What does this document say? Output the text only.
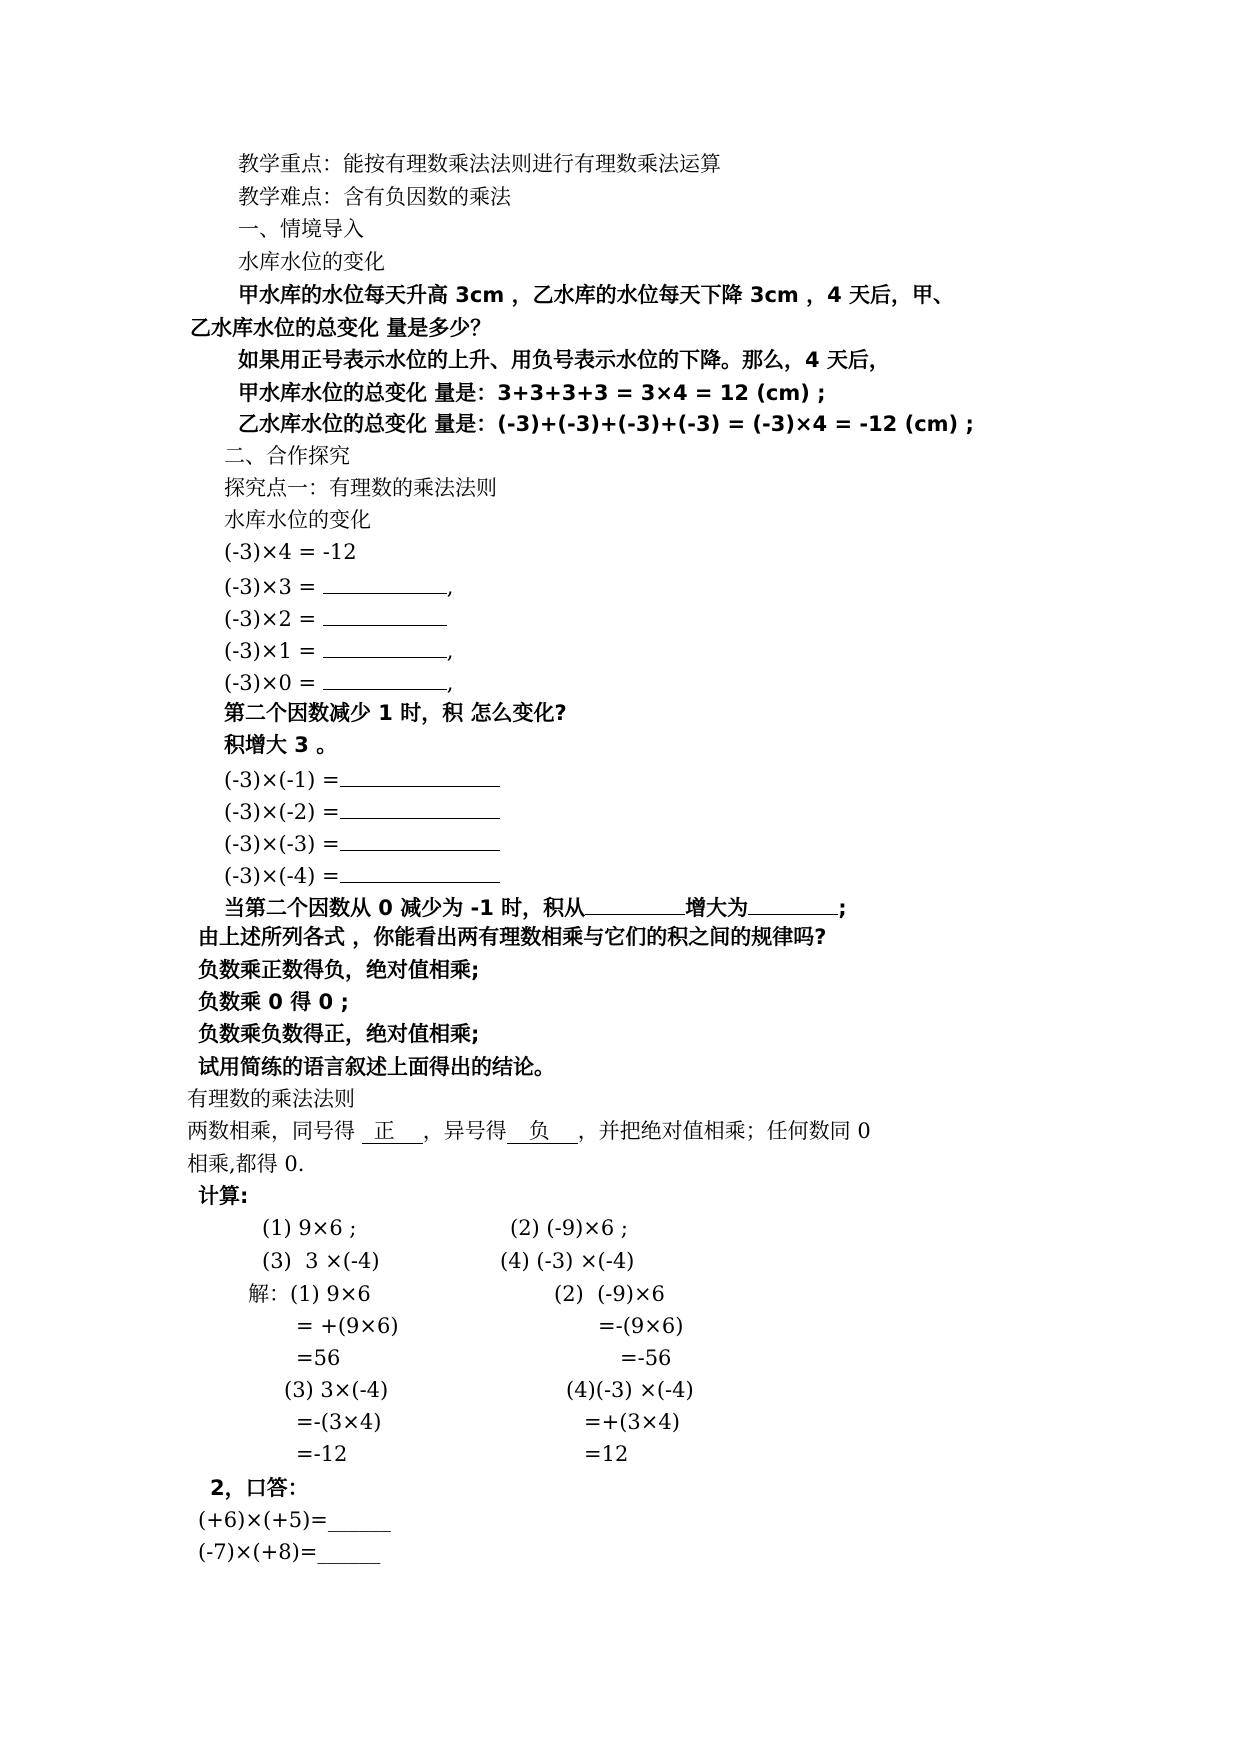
教学重点：能按有理数乘法法则进行有理数乘法运算
教学难点：含有负因数的乘法
一、情境导入
水库水位的变化
甲水库的水位每天升高 3cm ，乙水库的水位每天下降 3cm ，4 天后，甲、
乙水库水位的总变化 量是多少？
如果用正号表示水位的上升、用负号表示水位的下降。那么，4 天后，
甲水库水位的总变化 量是：3+3+3+3 = 3×4 = 12 (cm) ;
乙水库水位的总变化 量是：(-3)+(-3)+(-3)+(-3) = (-3)×4 = -12 (cm) ;
二、合作探究
探究点一：有理数的乘法法则
水库水位的变化
(-3)×4 = -12
(-3)×3 =	,
(-3)×2 =
(-3)×1 =	,
(-3)×0 =	,
第二个因数减少 1 时，积 怎么变化?
积增大 3 。
(-3)×(-1) =
(-3)×(-2) =
(-3)×(-3) =
(-3)×(-4) =
当第二个因数从 0 减少为 -1 时，积从	增大为	;
由上述所列各式 ，你能看出两有理数相乘与它们的积之间的规律吗?
负数乘正数得负，绝对值相乘;
负数乘 0 得 0 ;
负数乘负数得正，绝对值相乘;
试用简练的语言叙述上面得出的结论。
有理数的乘法法则
两数相乘，同号得 正 ，异号得 负 ，并把绝对值相乘；任何数同 0
相乘,都得 0.
计算:
(1) 9×6 ;	(2) (-9)×6 ;
(3)  3 ×(-4)	(4) (-3) ×(-4)
解：(1) 9×6
= +(9×6)
=56
(2)  (-9)×6
=-(9×6)
=-56
(3) 3×(-4)
=-(3×4)
=-12
(4)(-3) ×(-4)
=+(3×4)
=12
2，口答：
(+6)×(+5)=______
(-7)×(+8)=______
